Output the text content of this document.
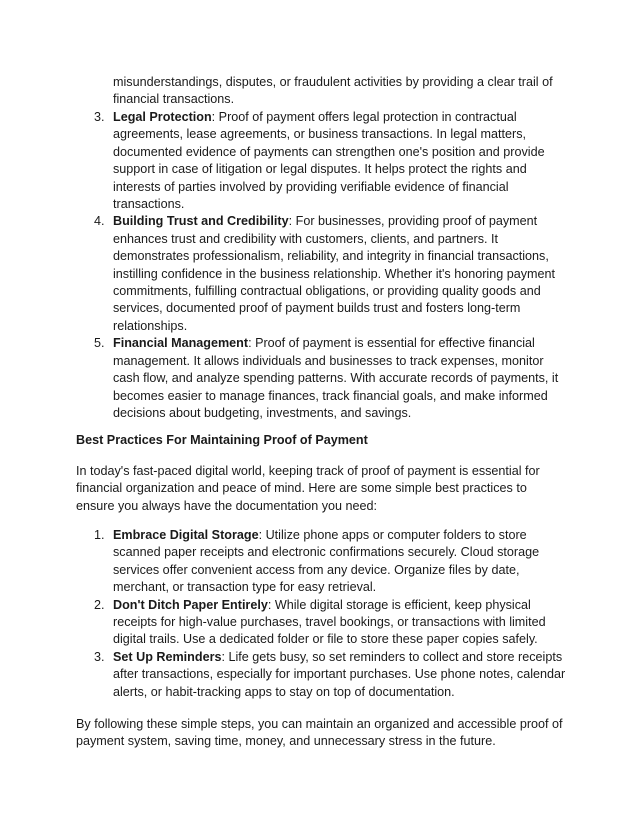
misunderstandings, disputes, or fraudulent activities by providing a clear trail of financial transactions.

3. Legal Protection: Proof of payment offers legal protection in contractual agreements, lease agreements, or business transactions. In legal matters, documented evidence of payments can strengthen one's position and provide support in case of litigation or legal disputes. It helps protect the rights and interests of parties involved by providing verifiable evidence of financial transactions.
4. Building Trust and Credibility: For businesses, providing proof of payment enhances trust and credibility with customers, clients, and partners. It demonstrates professionalism, reliability, and integrity in financial transactions, instilling confidence in the business relationship. Whether it's honoring payment commitments, fulfilling contractual obligations, or providing quality goods and services, documented proof of payment builds trust and fosters long-term relationships.
5. Financial Management: Proof of payment is essential for effective financial management. It allows individuals and businesses to track expenses, monitor cash flow, and analyze spending patterns. With accurate records of payments, it becomes easier to manage finances, track financial goals, and make informed decisions about budgeting, investments, and savings.
Best Practices For Maintaining Proof of Payment

In today's fast-paced digital world, keeping track of proof of payment is essential for financial organization and peace of mind. Here are some simple best practices to ensure you always have the documentation you need:

1. Embrace Digital Storage: Utilize phone apps or computer folders to store scanned paper receipts and electronic confirmations securely. Cloud storage services offer convenient access from any device. Organize files by date, merchant, or transaction type for easy retrieval.
2. Don't Ditch Paper Entirely: While digital storage is efficient, keep physical receipts for high-value purchases, travel bookings, or transactions with limited digital trails. Use a dedicated folder or file to store these paper copies safely.
3. Set Up Reminders: Life gets busy, so set reminders to collect and store receipts after transactions, especially for important purchases. Use phone notes, calendar alerts, or habit-tracking apps to stay on top of documentation.

By following these simple steps, you can maintain an organized and accessible proof of payment system, saving time, money, and unnecessary stress in the future.
